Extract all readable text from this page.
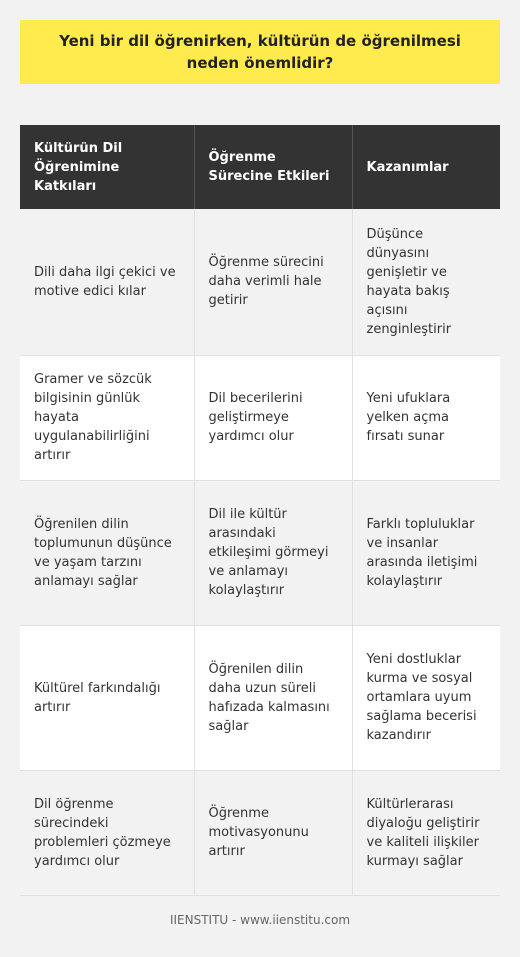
Yeni bir dil öğrenirken, kültürün de öğrenilmesi neden önemlidir?
Kültürün Dil Öğrenimine Katkıları	Öğrenme Sürecine Etkileri	Kazanımlar
Dili daha ilgi çekici ve motive edici kılar	Öğrenme sürecini daha verimli hale getirir	Düşünce dünyasını genişletir ve hayata bakış açısını zenginleştirir
Gramer ve sözcük bilgisinin günlük hayata uygulanabilirliğini artırır	Dil becerilerini geliştirmeye yardımcı olur	Yeni ufuklara yelken açma fırsatı sunar
Öğrenilen dilin toplumunun düşünce ve yaşam tarzını anlamayı sağlar	Dil ile kültür arasındaki etkileşimi görmeyi ve anlamayı kolaylaştırır	Farklı topluluklar ve insanlar arasında iletişimi kolaylaştırır
Kültürel farkındalığı artırır	Öğrenilen dilin daha uzun süreli hafızada kalmasını sağlar	Yeni dostluklar kurma ve sosyal ortamlara uyum sağlama becerisi kazandırır
Dil öğrenme sürecindeki problemleri çözmeye yardımcı olur	Öğrenme motivasyonunu artırır	Kültürlerarası diyaloğu geliştirir ve kaliteli ilişkiler kurmayı sağlar
IIENSTITU - www.iienstitu.com
